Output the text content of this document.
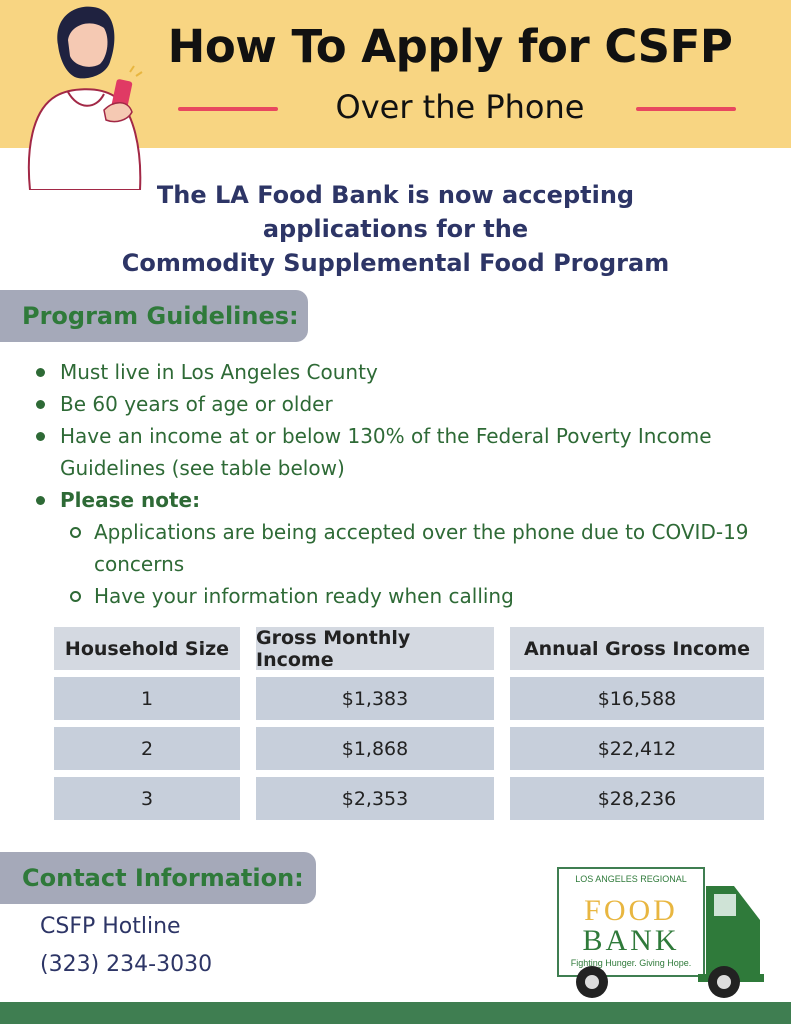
How To Apply for CSFP
Over the Phone
The LA Food Bank is now accepting
applications for the
Commodity Supplemental Food Program
Program Guidelines:
Must live in Los Angeles County
Be 60 years of age or older
Have an income at or below 130% of the Federal Poverty Income Guidelines (see table below)
Please note:
Applications are being accepted over the phone due to COVID-19 concerns
Have your information ready when calling
Household Size	Gross Monthly Income	Annual Gross Income
1	$1,383	$16,588
2	$1,868	$22,412
3	$2,353	$28,236
Contact Information:
CSFP Hotline
(323) 234-3030
LOS ANGELES REGIONAL
FOOD
BANK
Fighting Hunger. Giving Hope.
